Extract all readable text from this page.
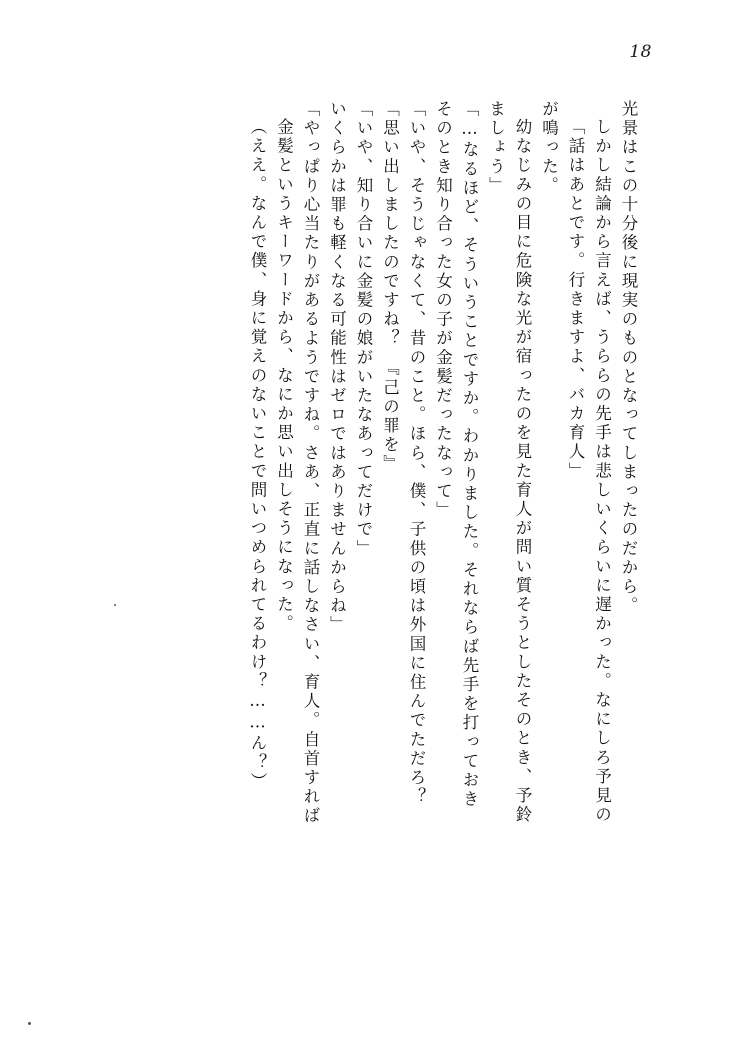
18
（ええ。なんで僕、身に覚えのないことで問いつめられてるわけ？……ん？） 金髪というキーワードから、なにか思い出しそうになった。 「やっぱり心当たりがあるようですね。さあ、正直に話しなさい、育人。自首すれば いくらかは罪も軽くなる可能性はゼロではありませんからね」 「いや、知り合いに金髪の娘がいたなあってだけで」 「思い出しましたのですね？　『己の罪を』 「いや、そうじゃなくて、昔のこと。ほら、僕、子供の頃は外国に住んでただろ？ そのとき知り合った女の子が金髪だったなって」 「…なるほど、そういうことですか。わかりました。それならば先手を打っておき ましょう」 幼なじみの目に危険な光が宿ったのを見た育人が問い質そうとしたそのとき、予鈴 が鳴った。 「話はあとです。行きますよ、バカ育人」 しかし結論から言えば、うららの先手は悲しいくらいに遅かった。なにしろ予見の 光景はこの十分後に現実のものとなってしまったのだから。
